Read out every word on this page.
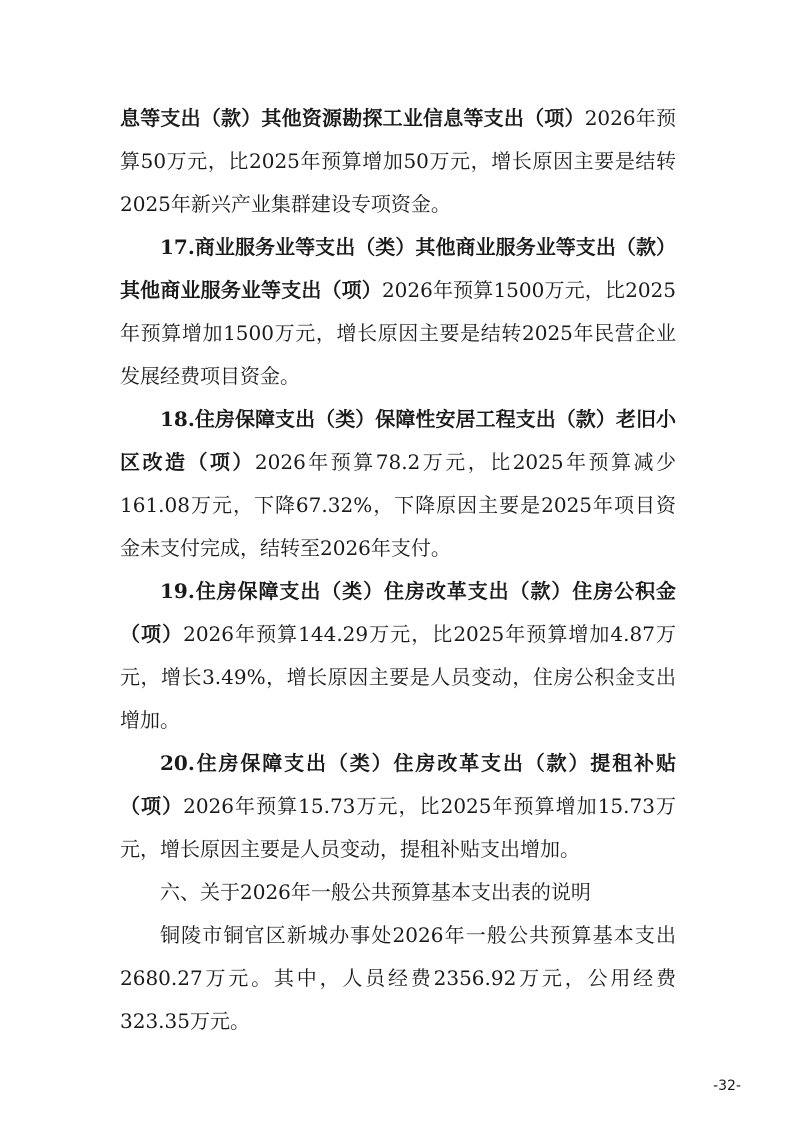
息等支出（款）其他资源勘探工业信息等支出（项）2026年预算50万元，比2025年预算增加50万元，增长原因主要是结转2025年新兴产业集群建设专项资金。
17.商业服务业等支出（类）其他商业服务业等支出（款）其他商业服务业等支出（项）2026年预算1500万元，比2025年预算增加1500万元，增长原因主要是结转2025年民营企业发展经费项目资金。
18.住房保障支出（类）保障性安居工程支出（款）老旧小区改造（项）2026年预算78.2万元，比2025年预算减少161.08万元，下降67.32%，下降原因主要是2025年项目资金未支付完成，结转至2026年支付。
19.住房保障支出（类）住房改革支出（款）住房公积金（项）2026年预算144.29万元，比2025年预算增加4.87万元，增长3.49%，增长原因主要是人员变动，住房公积金支出增加。
20.住房保障支出（类）住房改革支出（款）提租补贴（项）2026年预算15.73万元，比2025年预算增加15.73万元，增长原因主要是人员变动，提租补贴支出增加。
六、关于2026年一般公共预算基本支出表的说明
铜陵市铜官区新城办事处2026年一般公共预算基本支出2680.27万元。其中，人员经费2356.92万元，公用经费323.35万元。
-32-
